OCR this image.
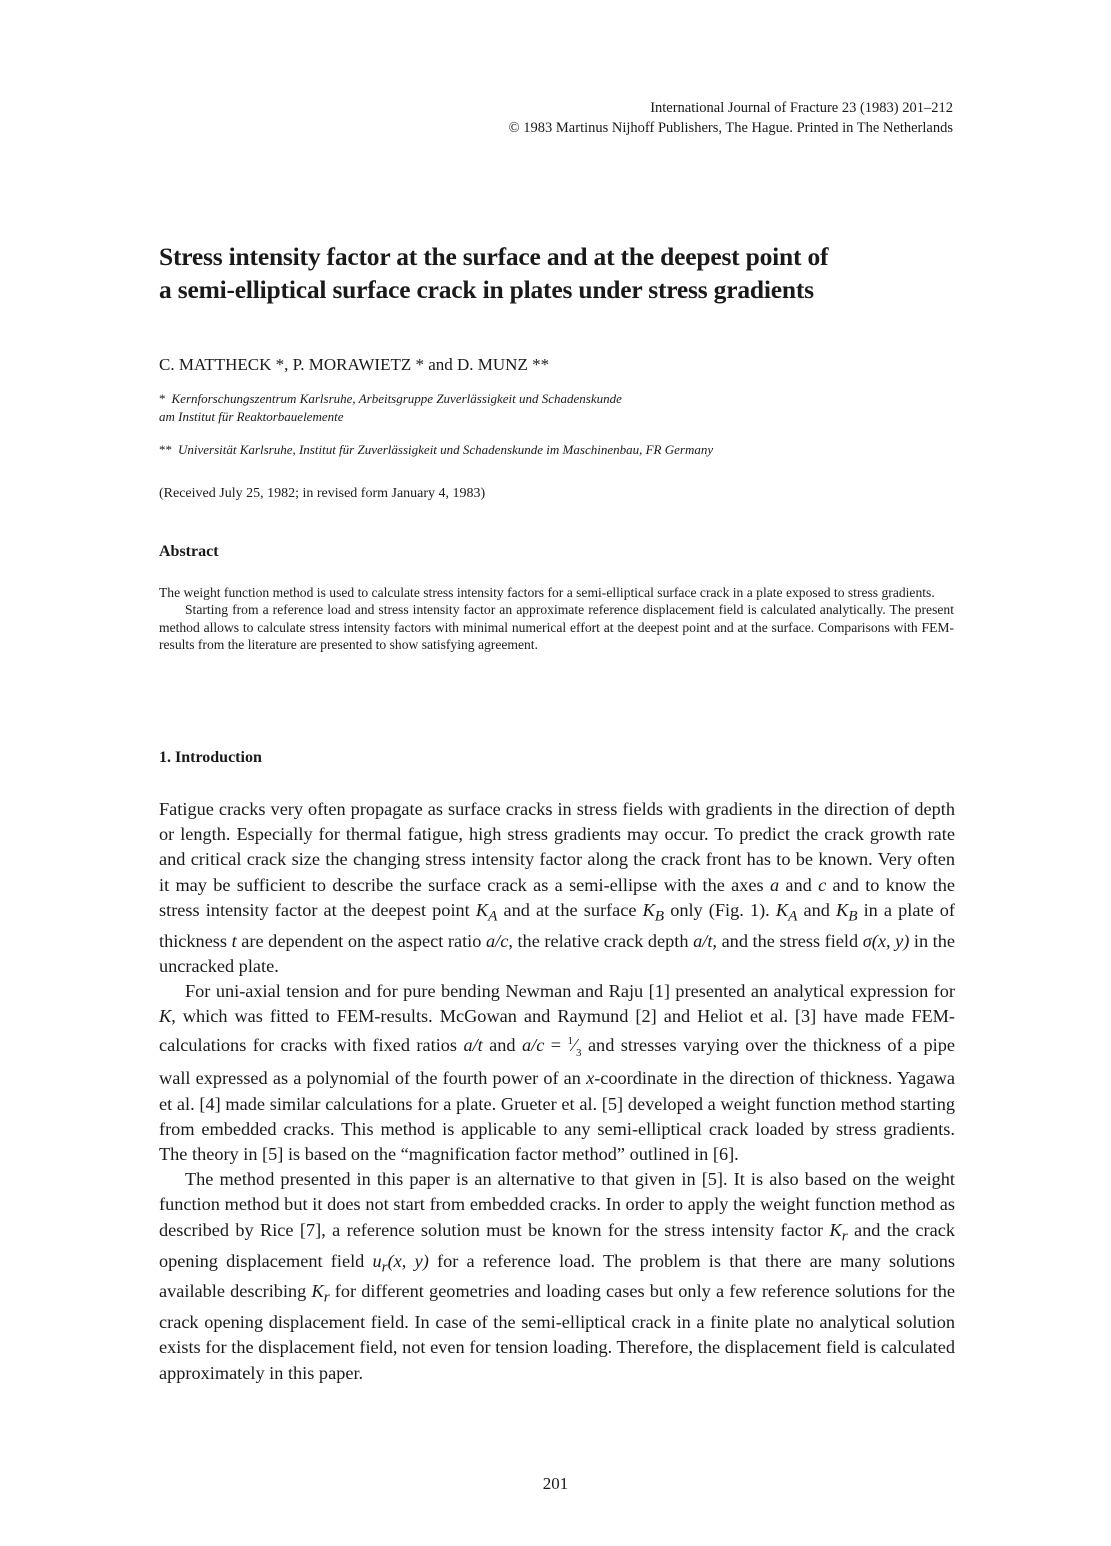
International Journal of Fracture 23 (1983) 201–212
© 1983 Martinus Nijhoff Publishers, The Hague. Printed in The Netherlands
Stress intensity factor at the surface and at the deepest point of
a semi-elliptical surface crack in plates under stress gradients
C. MATTHECK *, P. MORAWIETZ * and D. MUNZ **
* Kernforschungszentrum Karlsruhe, Arbeitsgruppe Zuverlässigkeit und Schadenskunde
am Institut für Reaktorbauelemente
** Universität Karlsruhe, Institut für Zuverlässigkeit und Schadenskunde im Maschinenbau, FR Germany
(Received July 25, 1982; in revised form January 4, 1983)
Abstract

The weight function method is used to calculate stress intensity factors for a semi-elliptical surface crack in a plate exposed to stress gradients.

Starting from a reference load and stress intensity factor an approximate reference displacement field is calculated analytically. The present method allows to calculate stress intensity factors with minimal numerical effort at the deepest point and at the surface. Comparisons with FEM-results from the literature are presented to show satisfying agreement.

1. Introduction

Fatigue cracks very often propagate as surface cracks in stress fields with gradients in the direction of depth or length. Especially for thermal fatigue, high stress gradients may occur. To predict the crack growth rate and critical crack size the changing stress intensity factor along the crack front has to be known. Very often it may be sufficient to describe the surface crack as a semi-ellipse with the axes a and c and to know the stress intensity factor at the deepest point $K_A$ and at the surface $K_B$ only (Fig. 1). $K_A$ and $K_B$ in a plate of thickness t are dependent on the aspect ratio a/c, the relative crack depth a/t, and the stress field σ(x, y) in the uncracked plate.

For uni-axial tension and for pure bending Newman and Raju [1] presented an analytical expression for K, which was fitted to FEM-results. McGowan and Raymund [2] and Heliot et al. [3] have made FEM-calculations for cracks with fixed ratios a/t and $a/c = ^1⁄_3$ and stresses varying over the thickness of a pipe wall expressed as a polynomial of the fourth power of an x-coordinate in the direction of thickness. Yagawa et al. [4] made similar calculations for a plate. Grueter et al. [5] developed a weight function method starting from embedded cracks. This method is applicable to any semi-elliptical crack loaded by stress gradients. The theory in [5] is based on the “magnification factor method” outlined in [6].

The method presented in this paper is an alternative to that given in [5]. It is also based on the weight function method but it does not start from embedded cracks. In order to apply the weight function method as described by Rice [7], a reference solution must be known for the stress intensity factor $K_r$ and the crack opening displacement field $u_r(x$, y) for a reference load. The problem is that there are many solutions available describing $K_r$ for different geometries and loading cases but only a few reference solutions for the crack opening displacement field. In case of the semi-elliptical crack in a finite plate no analytical solution exists for the displacement field, not even for tension loading. Therefore, the displacement field is calculated approximately in this paper.

201
